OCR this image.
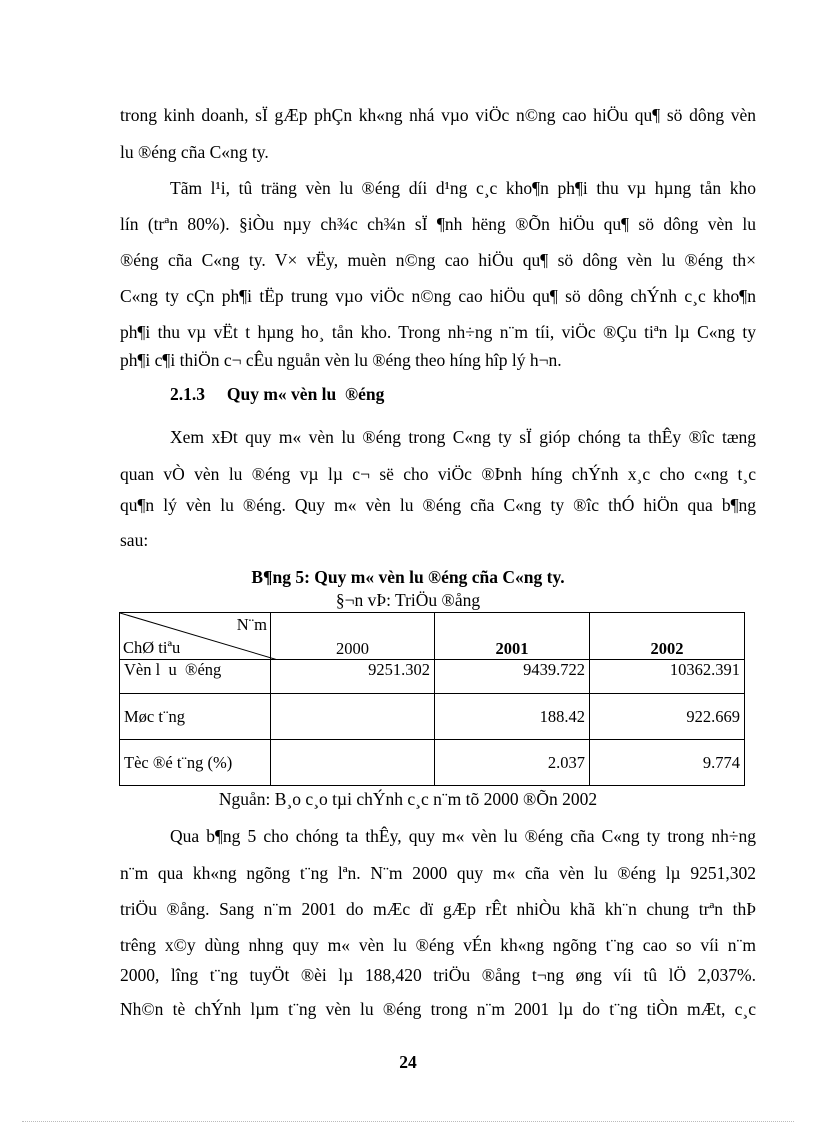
trong kinh doanh, sÏ gÆp phÇn kh«ng nhá vµo viÖc n©ng cao hiÖu qu¶ sö dông vèn
lu ®éng cña C«ng ty.
Tãm l¹i, tû träng vèn lu ®éng díi d¹ng c¸c kho¶n ph¶i thu vµ hµng tån kho
lín (trªn 80%). §iÒu nµy ch¾c ch¾n sÏ ¶nh hëng ®Õn hiÖu qu¶ sö dông vèn lu
®éng cña C«ng ty. V× vËy, muèn n©ng cao hiÖu qu¶ sö dông vèn lu ®éng th×
C«ng ty cÇn ph¶i tËp trung vµo viÖc n©ng cao hiÖu qu¶ sö dông chÝnh c¸c kho¶n
ph¶i thu vµ vËt t hµng ho¸ tån kho. Trong nh÷ng n¨m tíi, viÖc ®Çu tiªn lµ C«ng ty
ph¶i c¶i thiÖn c¬ cÊu nguån vèn lu ®éng theo híng hîp lý h¬n.
2.1.3     Quy m« vèn lu  ®éng
Xem xÐt quy m« vèn lu ®éng trong C«ng ty sÏ gióp chóng ta thÊy ®îc tæng
quan vÒ vèn lu ®éng vµ lµ c¬ së cho viÖc ®Þnh híng chÝnh x¸c cho c«ng t¸c
qu¶n lý vèn lu ®éng. Quy m« vèn lu ®éng cña C«ng ty ®îc thÓ hiÖn qua b¶ng
sau:
B¶ng 5: Quy m« vèn lu ®éng cña C«ng ty.
§¬n vÞ: TriÖu ®ång
N¨m
ChØ tiªu	2000	2001	2002
Vèn l  u  ®éng	9251.302	9439.722	10362.391
Møc t¨ng		188.42	922.669
Tèc ®é t¨ng (%)		2.037	9.774
Nguån: B¸o c¸o tµi chÝnh c¸c n¨m tõ 2000 ®Õn 2002
Qua b¶ng 5 cho chóng ta thÊy, quy m« vèn lu ®éng cña C«ng ty trong nh÷ng
n¨m qua kh«ng ngõng t¨ng lªn. N¨m 2000 quy m« cña vèn lu ®éng lµ 9251,302
triÖu ®ång. Sang n¨m 2001 do mÆc dï gÆp rÊt nhiÒu khã kh¨n chung trªn thÞ
trêng x©y dùng nhng quy m« vèn lu ®éng vÉn kh«ng ngõng t¨ng cao so víi n¨m
2000, lîng t¨ng tuyÖt ®èi lµ 188,420 triÖu ®ång t¬ng øng víi tû lÖ 2,037%.
Nh©n tè chÝnh lµm t¨ng vèn lu ®éng trong n¨m 2001 lµ do t¨ng tiÒn mÆt, c¸c
24
